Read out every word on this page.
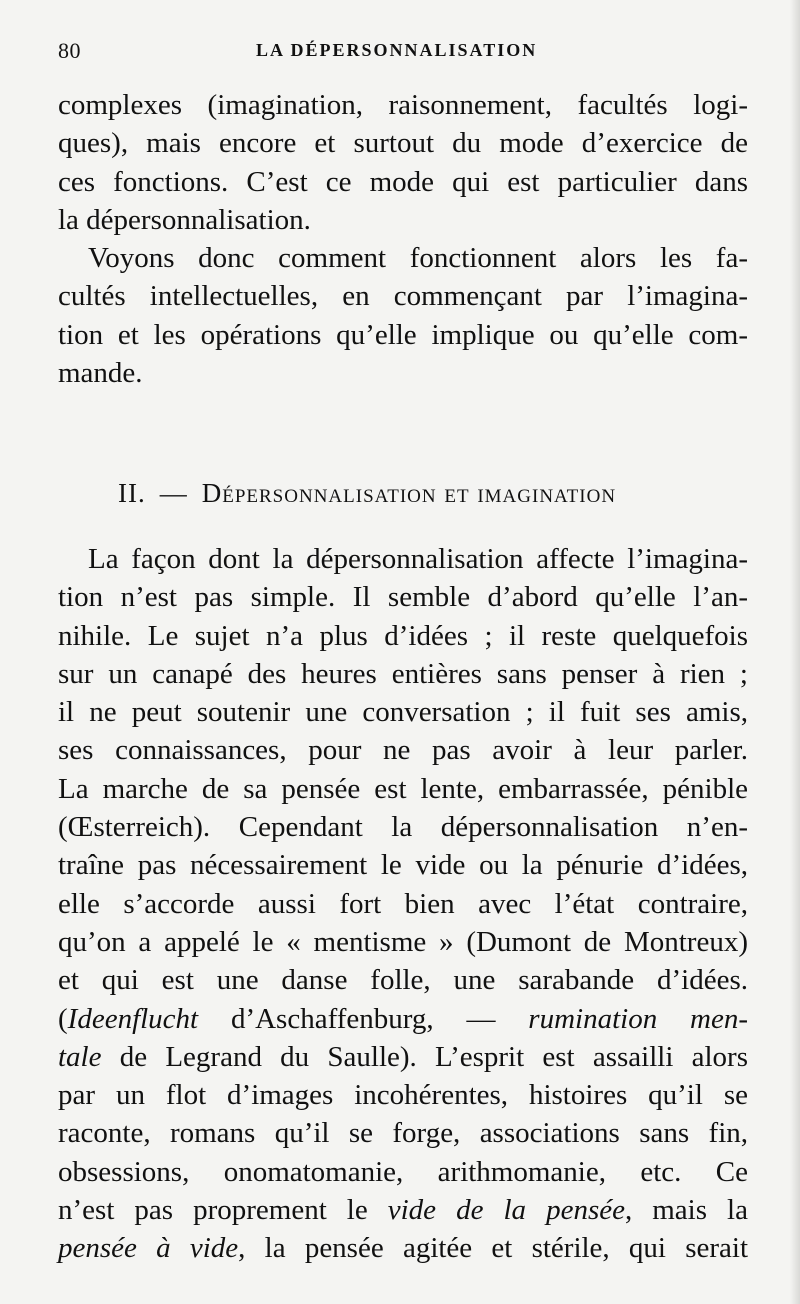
80	LA DÉPERSONNALISATION
complexes (imagination, raisonnement, facultés logi-
ques), mais encore et surtout du mode d’exercice de
ces fonctions. C’est ce mode qui est particulier dans
la dépersonnalisation.
Voyons donc comment fonctionnent alors les fa-
cultés intellectuelles, en commençant par l’imagina-
tion et les opérations qu’elle implique ou qu’elle com-
mande.
II. — Dépersonnalisation et imagination
La façon dont la dépersonnalisation affecte l’imagina-
tion n’est pas simple. Il semble d’abord qu’elle l’an-
nihile. Le sujet n’a plus d’idées ; il reste quelquefois
sur un canapé des heures entières sans penser à rien ;
il ne peut soutenir une conversation ; il fuit ses amis,
ses connaissances, pour ne pas avoir à leur parler.
La marche de sa pensée est lente, embarrassée, pénible
(Œsterreich). Cependant la dépersonnalisation n’en-
traîne pas nécessairement le vide ou la pénurie d’idées,
elle s’accorde aussi fort bien avec l’état contraire,
qu’on a appelé le « mentisme » (Dumont de Montreux)
et qui est une danse folle, une sarabande d’idées.
(Ideenflucht d’Aschaffenburg, — rumination men-
tale de Legrand du Saulle). L’esprit est assailli alors
par un flot d’images incohérentes, histoires qu’il se
raconte, romans qu’il se forge, associations sans fin,
obsessions, onomatomanie, arithmomanie, etc. Ce
n’est pas proprement le vide de la pensée, mais la
pensée à vide, la pensée agitée et stérile, qui serait
